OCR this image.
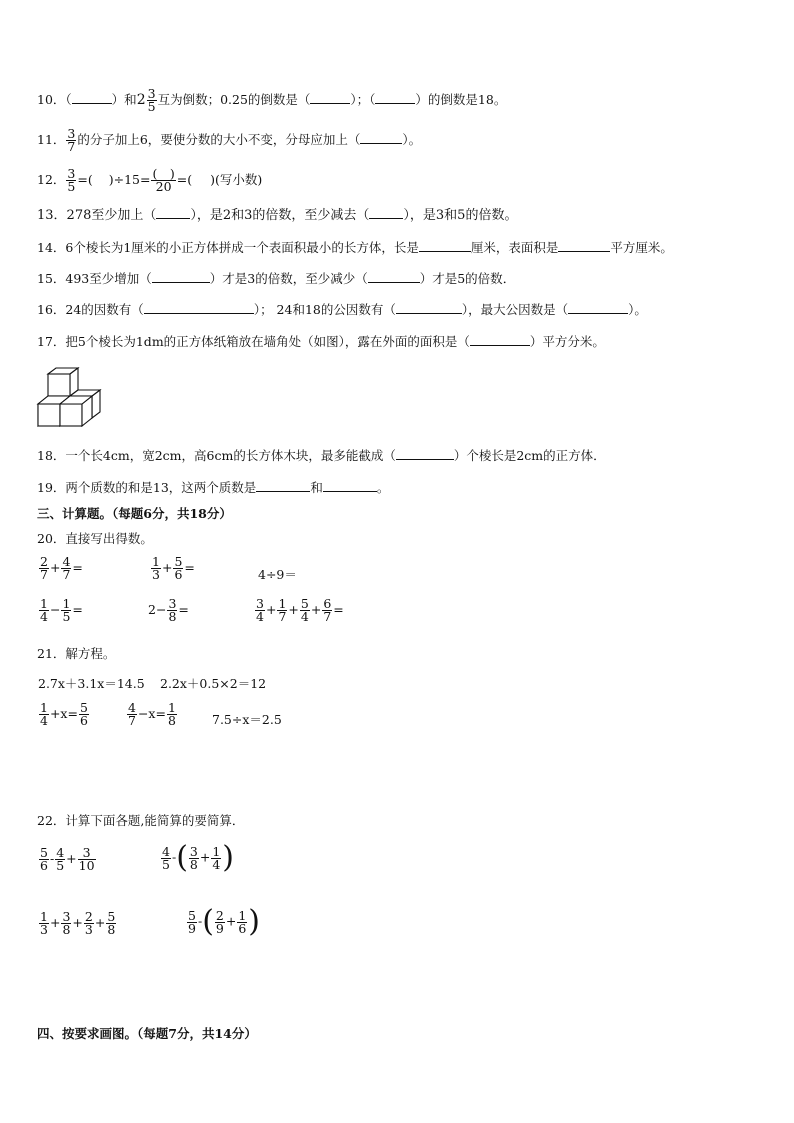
10．（	）和$2 \frac{3}{5}$ 互为倒数；0.25的倒数是（	）；（	）的倒数是18。
11． $\frac{3}{7}$ 的分子加上6，要使分数的大小不变，分母应加上（	）。
12． $\frac{3}{5}$ =( )$\div 15= \frac{( )}{20}$ =( )(写小数)
13．278至少加上（	），是2和3的倍数，至少减去（	），是3和5的倍数。
14．6个棱长为1厘米的小正方体拼成一个表面积最小的长方体，长是	厘米，表面积是	平方厘米。
15．493至少增加（	）才是3的倍数，至少减少（	）才是5的倍数．
16．24的因数有（	）； 24和18的公因数有（	），最大公因数是（	）。
17．把5个棱长为1dm的正方体纸箱放在墙角处（如图），露在外面的面积是（	）平方分米。
18．一个长4cm，宽2cm，高6cm的长方体木块，最多能截成（	）个棱长是2cm的正方体．
19．两个质数的和是13，这两个质数是	和	。
三、计算题。（每题6分，共18分）
20．直接写出得数。
$\frac{2}{7} + \frac{4}{7}$ =	$\frac{1}{3} + \frac{5}{6}$ =	4÷9＝
$\frac{1}{4} - \frac{1}{5}$ =	$2- \frac{3}{8}$ =	$\frac{3}{4} + \frac{1}{7} + \frac{5}{4} + \frac{6}{7}$ =
21．解方程。
2.7x＋3.1x＝14.5 2.2x＋0.5×2＝12
$\frac{1}{4} +x= \frac{5}{6}$	$\frac{4}{7} -x= \frac{1}{8}$	7.5÷x＝2.5
22．计算下面各题,能简算的要简算．
$\frac{5}{6} - \frac{4}{5} + \frac{3}{10}$	$\frac{4}{5}$ -( $\frac{3}{8} + \frac{1}{4}$ )
$\frac{1}{3} + \frac{3}{8} + \frac{2}{3} + \frac{5}{8}$	$\frac{5}{9}$ -( $\frac{2}{9} + \frac{1}{6}$ )
四、按要求画图。（每题7分，共14分）
